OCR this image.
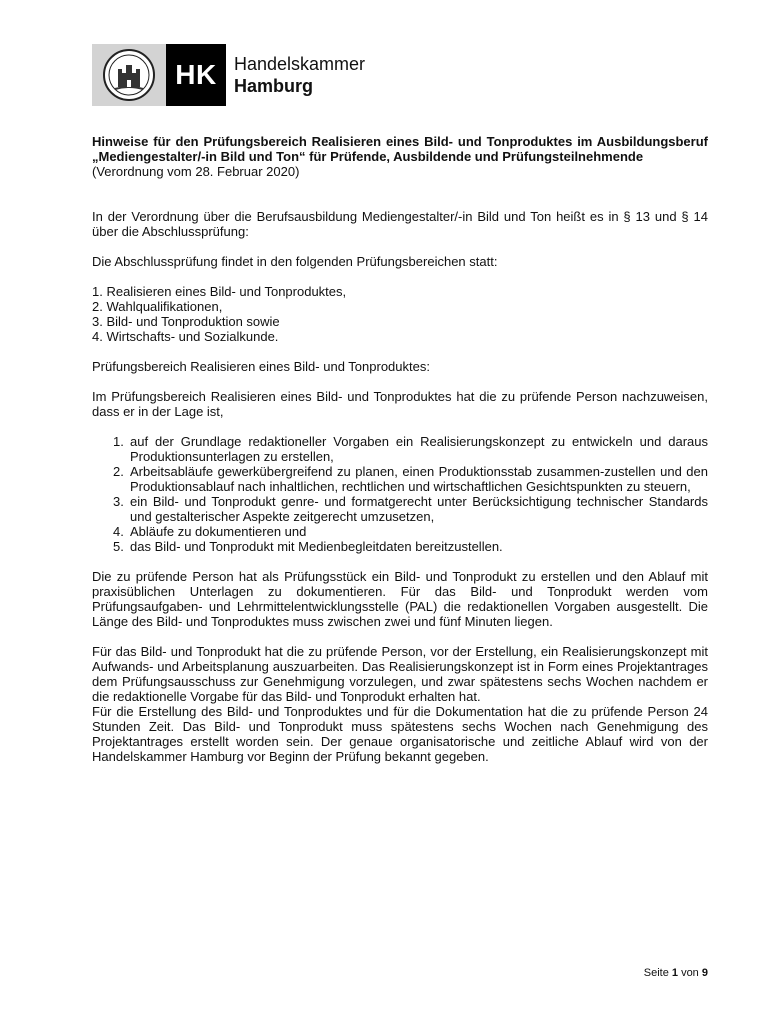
HK Handelskammer
Hamburg

Hinweise für den Prüfungsbereich Realisieren eines Bild- und Tonproduktes im Ausbildungsberuf „Mediengestalter/-in Bild und Ton“ für Prüfende, Ausbildende und Prüfungsteilnehmende

(Verordnung vom 28. Februar 2020)

In der Verordnung über die Berufsausbildung Mediengestalter/-in Bild und Ton heißt es in § 13 und § 14 über die Abschlussprüfung:

Die Abschlussprüfung findet in den folgenden Prüfungsbereichen statt:

1. Realisieren eines Bild- und Tonproduktes,
2. Wahlqualifikationen,
3. Bild- und Tonproduktion sowie
4. Wirtschafts- und Sozialkunde.

Prüfungsbereich Realisieren eines Bild- und Tonproduktes:

Im Prüfungsbereich Realisieren eines Bild- und Tonproduktes hat die zu prüfende Person nachzuweisen, dass er in der Lage ist,

1. auf der Grundlage redaktioneller Vorgaben ein Realisierungskonzept zu entwickeln und daraus Produktionsunterlagen zu erstellen,
2. Arbeitsabläufe gewerkübergreifend zu planen, einen Produktionsstab zusammen-zustellen und den Produktionsablauf nach inhaltlichen, rechtlichen und wirtschaftlichen Gesichtspunkten zu steuern,
3. ein Bild- und Tonprodukt genre- und formatgerecht unter Berücksichtigung technischer Standards und gestalterischer Aspekte zeitgerecht umzusetzen,
4. Abläufe zu dokumentieren und
5. das Bild- und Tonprodukt mit Medienbegleitdaten bereitzustellen.

Die zu prüfende Person hat als Prüfungsstück ein Bild- und Tonprodukt zu erstellen und den Ablauf mit praxisüblichen Unterlagen zu dokumentieren. Für das Bild- und Tonprodukt werden vom Prüfungsaufgaben- und Lehrmittelentwicklungsstelle (PAL) die redaktionellen Vorgaben ausgestellt. Die Länge des Bild- und Tonproduktes muss zwischen zwei und fünf Minuten liegen.

Für das Bild- und Tonprodukt hat die zu prüfende Person, vor der Erstellung, ein Realisierungskonzept mit Aufwands- und Arbeitsplanung auszuarbeiten. Das Realisierungskonzept ist in Form eines Projektantrages dem Prüfungsausschuss zur Genehmigung vorzulegen, und zwar spätestens sechs Wochen nachdem er die redaktionelle Vorgabe für das Bild- und Tonprodukt erhalten hat.

Für die Erstellung des Bild- und Tonproduktes und für die Dokumentation hat die zu prüfende Person 24 Stunden Zeit. Das Bild- und Tonprodukt muss spätestens sechs Wochen nach Genehmigung des Projektantrages erstellt worden sein. Der genaue organisatorische und zeitliche Ablauf wird von der Handelskammer Hamburg vor Beginn der Prüfung bekannt gegeben.

Seite 1 von 9
